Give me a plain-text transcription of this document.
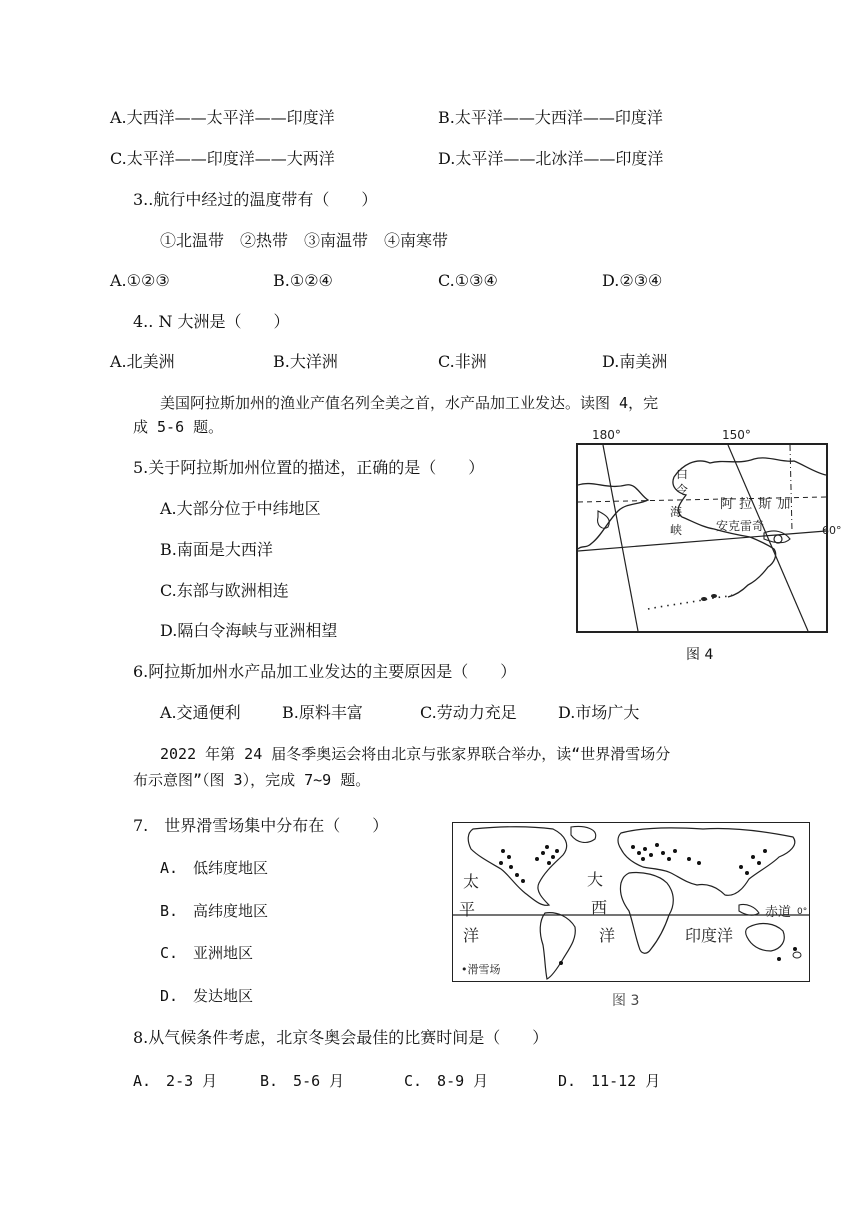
A.大西洋——太平洋——印度洋	B.太平洋——大西洋——印度洋
C.太平洋——印度洋——大两洋	D.太平洋——北冰洋——印度洋
3..航行中经过的温度带有（　　）
①北温带　②热带　③南温带　④南寒带
A.①②③	B.①②④	C.①③④	D.②③④
4.. N 大洲是（　　）
A.北美洲	B.大洋洲	C.非洲	D.南美洲
美国阿拉斯加州的渔业产值名列全美之首，水产品加工业发达。读图 4，完
成 5-6 题。
5.关于阿拉斯加州位置的描述，正确的是（　　）
A.大部分位于中纬地区
B.南面是大西洋
C.东部与欧洲相连
D.隔白令海峡与亚洲相望
180°	150°
白
令
海
峡
阿 拉 斯 加
安克雷奇	60°
图 4
6.阿拉斯加州水产品加工业发达的主要原因是（　　）
A.交通便利	B.原料丰富	C.劳动力充足	D.市场广大
2022 年第 24 届冬季奥运会将由北京与张家界联合举办，读“世界滑雪场分
布示意图”（图 3），完成 7~9 题。
7.　世界滑雪场集中分布在（　　）
A.　低纬度地区
B.　高纬度地区
C.　亚洲地区
D.　发达地区
太
平
洋
大
西
洋	印度洋
赤道 0°
•滑雪场
图 3
8.从气候条件考虑，北京冬奥会最佳的比赛时间是（　　）
A.　2-3 月	B.　5-6 月	C.　8-9 月	D.　11-12 月
